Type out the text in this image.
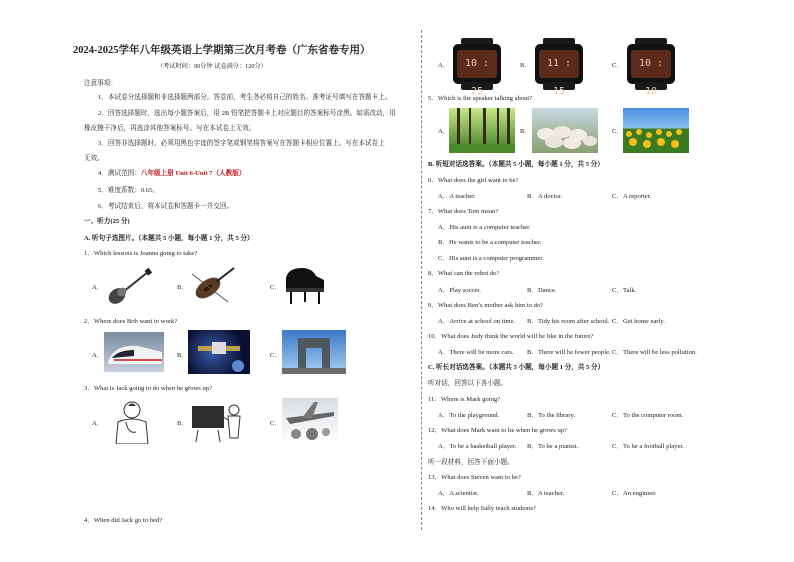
2024-2025学年八年级英语上学期第三次月考卷（广东省卷专用）
（考试时间：90分钟 试卷满分：120分）
注意事项：
1．本试卷分选择题和非选择题两部分。答卷前，考生务必将自己的姓名、准考证号填写在答题卡上。
2．回答选择题时，选出每小题答案后，用 2B 铅笔把答题卡上对应题目的答案标号涂黑。如需改动，用
橡皮擦干净后，再选涂其他答案标号。写在本试卷上无效。
3．回答非选择题时，必须用黑色字迹的签字笔或钢笔将答案写在答题卡相应位置上。写在本试卷上
无效。
4．测试范围：八年级上册 Unit 6-Unit 7（人教版）
5．难度系数：0.65。
6．考试结束后，将本试卷和答题卡一并交回。
一、听力(25 分)
A. 听句子选图片。（本题共 5 小题，每小题 1 分，共 5 分）
1．Which lessons is Joanna going to take?
A．	B．	C．
2．Where does Bob want to work?
A．	B．	C．
3．What is Jack going to do when he grows up?
A．	B．	C．
4．When did Jack go to bed?
A．	10 : 25
B．	11 : 15
C．	10 : 10
5．Which is the speaker talking about?
A．	B．	C．
B. 听短对话选答案。（本题共 5 小题，每小题 1 分，共 5 分）
6．What does the girl want to be?
A．A teacher.	B．A doctor.	C．A reporter.
7．What does Tom mean?
A．His aunt is a computer teacher.
B．He wants to be a computer teacher.
C．His aunt is a computer programmer.
8．What can the robot do?
A．Play soccer.	B．Dance.	C．Talk.
9．What does Ben’s mother ask him to do?
A．Arrive at school on time. B．Tidy his room after school. C．Get home early.
10．What does Judy think the world will be like in the future?
A．There will be more cars. B．There will be fewer people. C．There will be less pollution.
C. 听长对话选答案。（本题共 5 小题，每小题 1 分，共 5 分）
听对话，回答以下各小题。
11．Where is Mark going?
A．To the playground.	B．To the library.	C．To the computer room.
12．What does Mark want to be when he grows up?
A．To be a basketball player. B．To be a pianist.	C．To be a football player.
听一段材料，回答下面小题。
13．What does Steven want to be?
A．A scientist.	B．A teacher.	C．An engineer.
14．Who will help Sally teach students?
